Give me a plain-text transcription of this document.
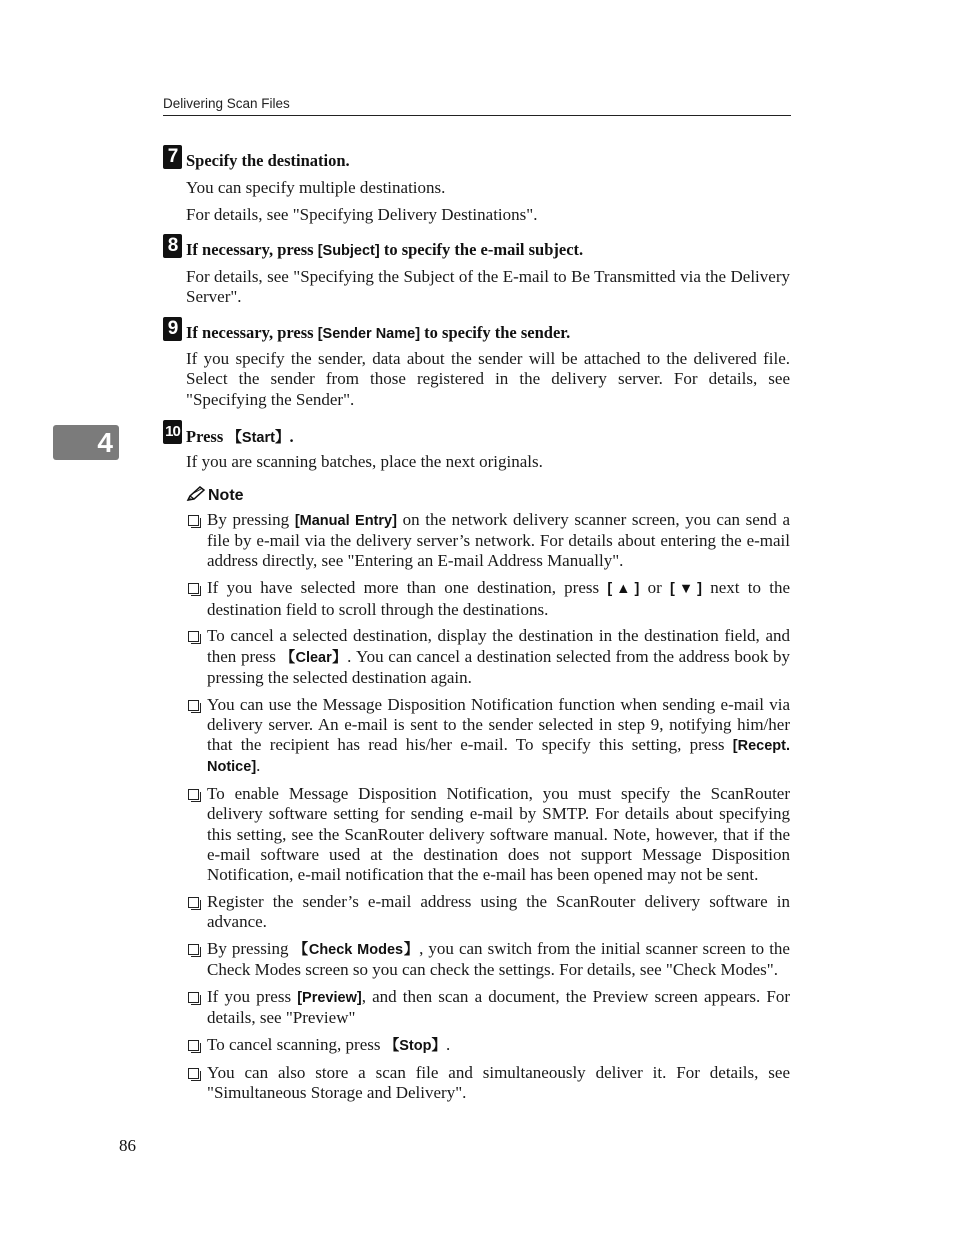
Delivering Scan Files
4
7 Specify the destination.
You can specify multiple destinations.
For details, see "Specifying Delivery Destinations".
8 If necessary, press [Subject] to specify the e-mail subject.
For details, see "Specifying the Subject of the E-mail to Be Transmitted via the Delivery Server".
9 If necessary, press [Sender Name] to specify the sender.
If you specify the sender, data about the sender will be attached to the delivered file. Select the sender from those registered in the delivery server. For details, see "Specifying the Sender".
10 Press 【Start】.
If you are scanning batches, place the next originals.
Note
By pressing [Manual Entry] on the network delivery scanner screen, you can send a file by e-mail via the delivery server’s network. For details about entering the e-mail address directly, see "Entering an E-mail Address Manually".
If you have selected more than one destination, press [▲] or [▼] next to the destination field to scroll through the destinations.
To cancel a selected destination, display the destination in the destination field, and then press 【Clear】. You can cancel a destination selected from the address book by pressing the selected destination again.
You can use the Message Disposition Notification function when sending e-mail via delivery server. An e-mail is sent to the sender selected in step 9, notifying him/her that the recipient has read his/her e-mail. To specify this setting, press [Recept. Notice].
To enable Message Disposition Notification, you must specify the ScanRouter delivery software setting for sending e-mail by SMTP. For details about specifying this setting, see the ScanRouter delivery software manual. Note, however, that if the e-mail software used at the destination does not support Message Disposition Notification, e-mail notification that the e-mail has been opened may not be sent.
Register the sender’s e-mail address using the ScanRouter delivery software in advance.
By pressing 【Check Modes】, you can switch from the initial scanner screen to the Check Modes screen so you can check the settings. For details, see "Check Modes".
If you press [Preview], and then scan a document, the Preview screen appears. For details, see "Preview"
To cancel scanning, press 【Stop】.
You can also store a scan file and simultaneously deliver it. For details, see "Simultaneous Storage and Delivery".
86
